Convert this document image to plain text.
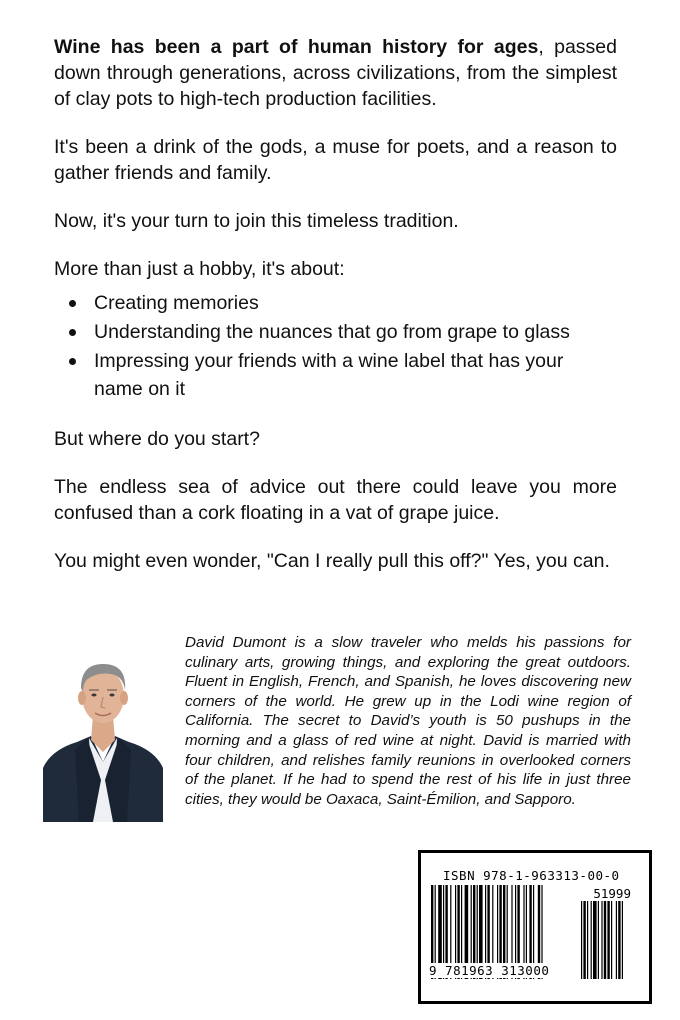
Wine has been a part of human history for ages, passed down through generations, across civilizations, from the simplest of clay pots to high-tech production facilities.

It's been a drink of the gods, a muse for poets, and a reason to gather friends and family.

Now, it's your turn to join this timeless tradition.

More than just a hobby, it's about:

Creating memories
Understanding the nuances that go from grape to glass
Impressing your friends with a wine label that has your
name on it

But where do you start?

The endless sea of advice out there could leave you more confused than a cork floating in a vat of grape juice.

You might even wonder, "Can I really pull this off?" Yes, you can.

David Dumont is a slow traveler who melds his passions for culinary arts, growing things, and exploring the great outdoors. Fluent in English, French, and Spanish, he loves discovering new corners of the world. He grew up in the Lodi wine region of California. The secret to David’s youth is 50 pushups in the morning and a glass of red wine at night. David is married with four children, and relishes family reunions in overlooked corners of the planet. If he had to spend the rest of his life in just three cities, they would be Oaxaca, Saint-Émilion, and Sapporo.
ISBN 978-1-963313-00-0
51999
9 781963 313000
